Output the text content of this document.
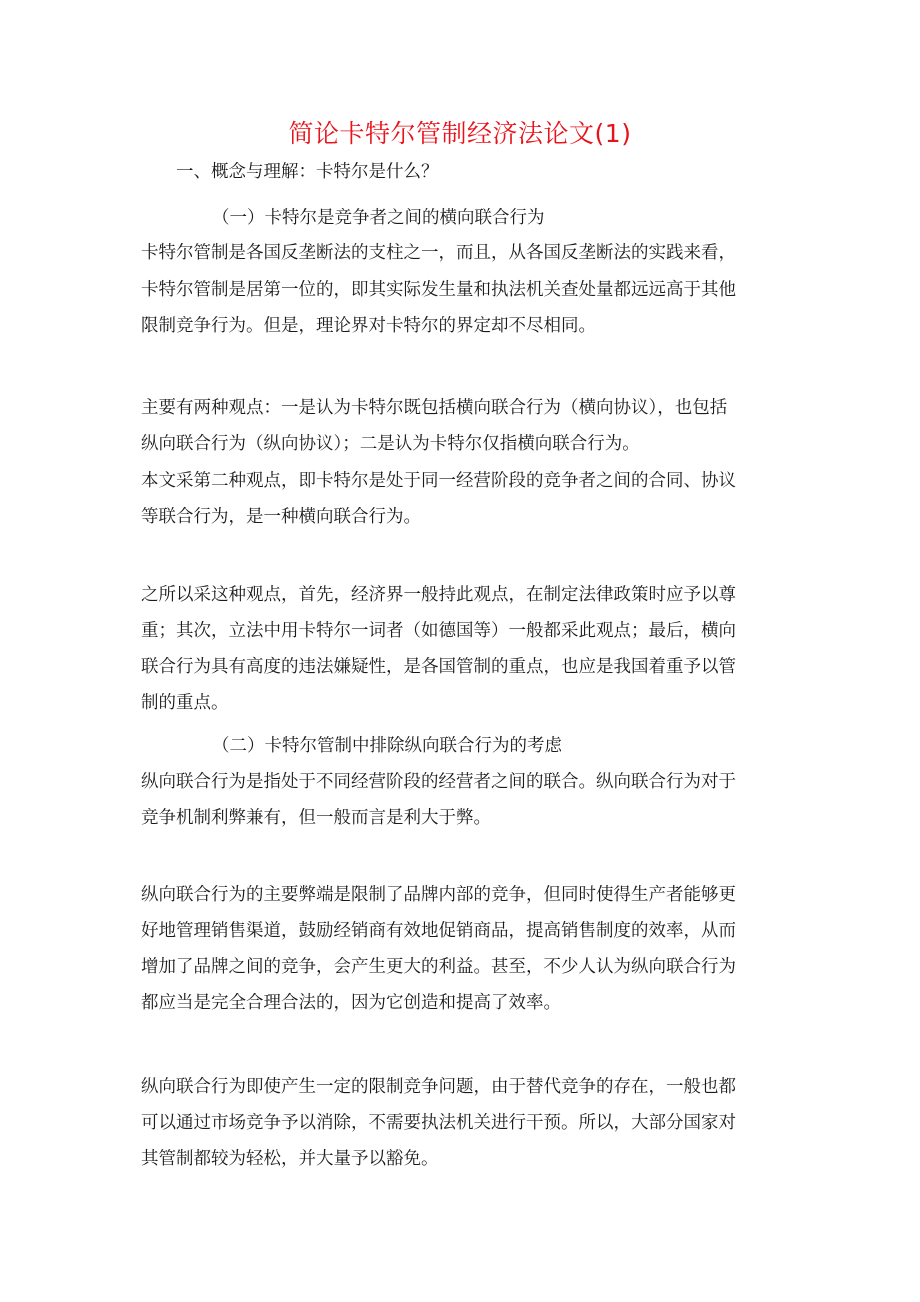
简论卡特尔管制经济法论文(1)

一、概念与理解：卡特尔是什么？

（一）卡特尔是竞争者之间的横向联合行为

卡特尔管制是各国反垄断法的支柱之一，而且，从各国反垄断法的实践来看，

卡特尔管制是居第一位的，即其实际发生量和执法机关查处量都远远高于其他

限制竞争行为。但是，理论界对卡特尔的界定却不尽相同。

主要有两种观点：一是认为卡特尔既包括横向联合行为（横向协议），也包括

纵向联合行为（纵向协议）；二是认为卡特尔仅指横向联合行为。

本文采第二种观点，即卡特尔是处于同一经营阶段的竞争者之间的合同、协议

等联合行为，是一种横向联合行为。

之所以采这种观点，首先，经济界一般持此观点，在制定法律政策时应予以尊

重；其次，立法中用卡特尔一词者（如德国等）一般都采此观点；最后，横向

联合行为具有高度的违法嫌疑性，是各国管制的重点，也应是我国着重予以管

制的重点。

（二）卡特尔管制中排除纵向联合行为的考虑

纵向联合行为是指处于不同经营阶段的经营者之间的联合。纵向联合行为对于

竞争机制利弊兼有，但一般而言是利大于弊。

纵向联合行为的主要弊端是限制了品牌内部的竞争，但同时使得生产者能够更

好地管理销售渠道，鼓励经销商有效地促销商品，提高销售制度的效率，从而

增加了品牌之间的竞争，会产生更大的利益。甚至，不少人认为纵向联合行为

都应当是完全合理合法的，因为它创造和提高了效率。

纵向联合行为即使产生一定的限制竞争问题，由于替代竞争的存在，一般也都

可以通过市场竞争予以消除，不需要执法机关进行干预。所以，大部分国家对

其管制都较为轻松，并大量予以豁免。
